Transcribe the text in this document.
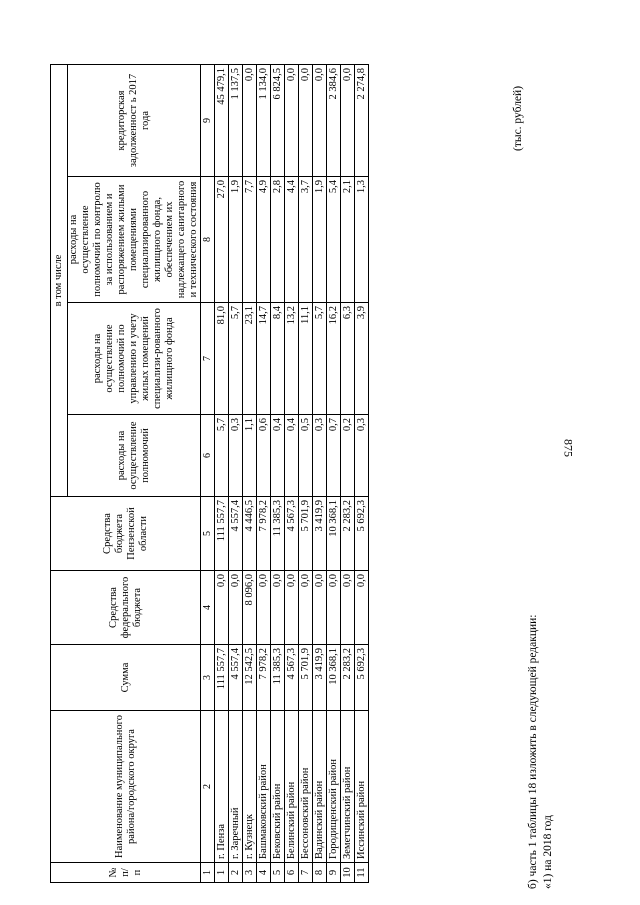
875
б) часть 1 таблицы 18 изложить в следующей редакции: «1) на 2018 год
(тыс. рублей)
№ п/п	Наименование муниципального района/городского округа	Сумма	Средства федерального бюджета	Средства бюджета Пензенской области	в том числе			
					расходы на осуществление полномочий	расходы на осуществление полномочий по управлению и учету жилых помещений специализи-рованного жилищного фонда	расходы на осуществление полномочий по контролю за использованием и распоряжением жилыми помещениями специализированного жилищного фонда, обеспечением их надлежащего санитарного и технического состояния	кредиторская задолженност ь 2017 года
1	2	3	4	5	6	7	8	9
1	г. Пенза	111 557,7	0,0	111 557,7	5,7	81,0	27,0	45 479,1
2	г. Заречный	4 557,4	0,0	4 557,4	0,3	5,7	1,9	1 137,5
3	г. Кузнецк	12 542,5	8 096,0	4 446,5	1,1	23,1	7,7	0,0
4	Башмаковский район	7 978,2	0,0	7 978,2	0,6	14,7	4,9	1 134,0
5	Бековский район	11 385,3	0,0	11 385,3	0,4	8,4	2,8	6 824,5
6	Белинский район	4 567,3	0,0	4 567,3	0,4	13,2	4,4	0,0
7	Бессоновский район	5 701,9	0,0	5 701,9	0,5	11,1	3,7	0,0
8	Вадинский район	3 419,9	0,0	3 419,9	0,3	5,7	1,9	0,0
9	Городищенский район	10 368,1	0,0	10 368,1	0,7	16,2	5,4	2 384,6
10	Земетчинский район	2 283,2	0,0	2 283,2	0,2	6,3	2,1	0,0
11	Иссинский район	5 692,3	0,0	5 692,3	0,3	3,9	1,3	2 274,8
